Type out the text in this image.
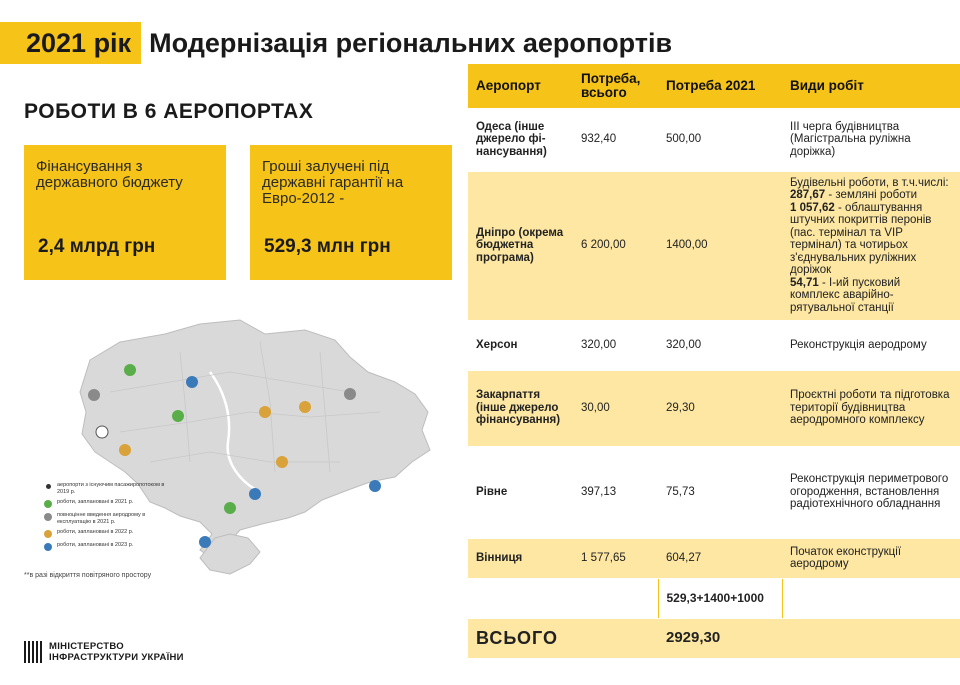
2021 рік Модернізація регіональних аеропортів
РОБОТИ В 6 АЕРОПОРТАХ
Фінансування з державного бюджету
2,4 млрд грн
Гроші залучені під державні гарантії на Евро-2012 -
529,3 млн грн
аеропорти з існуючим пасажиропотоком в 2019 р.
роботи, заплановані в 2021 р.
повноцінне введення аеродрому в експлуатацію в 2021 р.
роботи, заплановані в 2022 р.
роботи, заплановані в 2023 р.
**в разі відкриття повітряного простору
МІНІСТЕРСТВО
ІНФРАСТРУКТУРИ УКРАЇНИ
Аеропорт	Потреба, всього	Потреба 2021	Види робіт
Одеса (інше джерело фі-нансування)	932,40	500,00	III черга будівництва (Магістральна руліжна доріжка)
Дніпро (окрема бюджетна програма)	6 200,00	1400,00	Будівельні роботи, в т.ч.числі:
287,67 - земляні роботи
1 057,62 - облаштування штучних покриттів перонів (пас. термінал та VIP термінал) та чотирьох з'єднувальних руліжних доріжок
54,71 - І-ий пусковий комплекс аварійно-рятувальної станції
Херсон	320,00	320,00	Реконструкція аеродрому
Закарпаття (інше джерело фінансування)	30,00	29,30	Проєктні роботи та підготовка території будівництва аеродромного комплексу
Рівне	397,13	75,73	Реконструкція периметрового огородження, встановлення радіотехнічного обладнання
Вінниця	1 577,65	604,27	Початок еконструкції аеродрому
		529,3+1400+1000	
ВСЬОГО		2929,30	
